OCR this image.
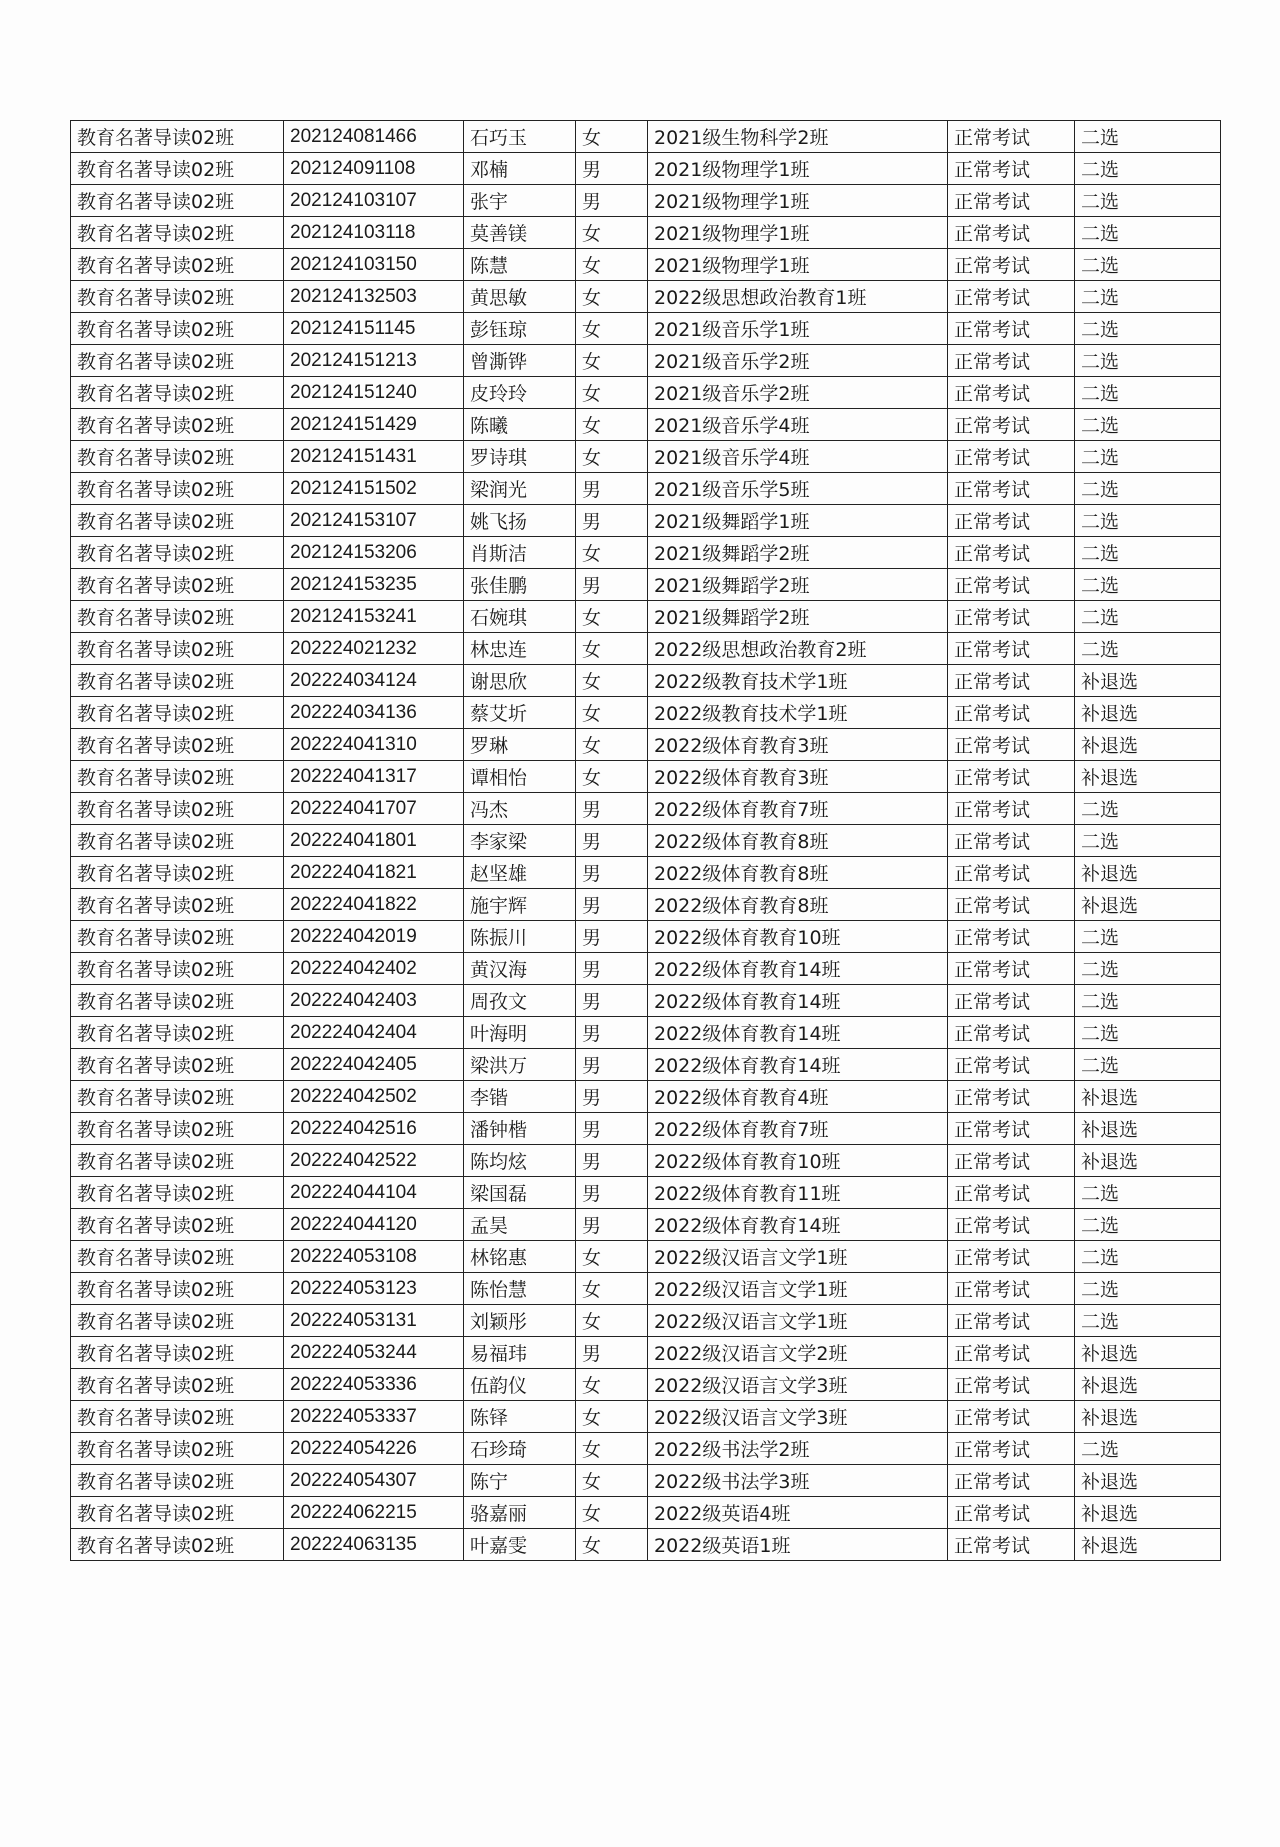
教育名著导读02班	202124081466	石巧玉	女	2021级生物科学2班	正常考试	二选
教育名著导读02班	202124091108	邓楠	男	2021级物理学1班	正常考试	二选
教育名著导读02班	202124103107	张宇	男	2021级物理学1班	正常考试	二选
教育名著导读02班	202124103118	莫善镁	女	2021级物理学1班	正常考试	二选
教育名著导读02班	202124103150	陈慧	女	2021级物理学1班	正常考试	二选
教育名著导读02班	202124132503	黄思敏	女	2022级思想政治教育1班	正常考试	二选
教育名著导读02班	202124151145	彭钰琼	女	2021级音乐学1班	正常考试	二选
教育名著导读02班	202124151213	曾澌铧	女	2021级音乐学2班	正常考试	二选
教育名著导读02班	202124151240	皮玲玲	女	2021级音乐学2班	正常考试	二选
教育名著导读02班	202124151429	陈曦	女	2021级音乐学4班	正常考试	二选
教育名著导读02班	202124151431	罗诗琪	女	2021级音乐学4班	正常考试	二选
教育名著导读02班	202124151502	梁润光	男	2021级音乐学5班	正常考试	二选
教育名著导读02班	202124153107	姚飞扬	男	2021级舞蹈学1班	正常考试	二选
教育名著导读02班	202124153206	肖斯洁	女	2021级舞蹈学2班	正常考试	二选
教育名著导读02班	202124153235	张佳鹏	男	2021级舞蹈学2班	正常考试	二选
教育名著导读02班	202124153241	石婉琪	女	2021级舞蹈学2班	正常考试	二选
教育名著导读02班	202224021232	林忠连	女	2022级思想政治教育2班	正常考试	二选
教育名著导读02班	202224034124	谢思欣	女	2022级教育技术学1班	正常考试	补退选
教育名著导读02班	202224034136	蔡艾圻	女	2022级教育技术学1班	正常考试	补退选
教育名著导读02班	202224041310	罗琳	女	2022级体育教育3班	正常考试	补退选
教育名著导读02班	202224041317	谭相怡	女	2022级体育教育3班	正常考试	补退选
教育名著导读02班	202224041707	冯杰	男	2022级体育教育7班	正常考试	二选
教育名著导读02班	202224041801	李家梁	男	2022级体育教育8班	正常考试	二选
教育名著导读02班	202224041821	赵坚雄	男	2022级体育教育8班	正常考试	补退选
教育名著导读02班	202224041822	施宇辉	男	2022级体育教育8班	正常考试	补退选
教育名著导读02班	202224042019	陈振川	男	2022级体育教育10班	正常考试	二选
教育名著导读02班	202224042402	黄汉海	男	2022级体育教育14班	正常考试	二选
教育名著导读02班	202224042403	周孜文	男	2022级体育教育14班	正常考试	二选
教育名著导读02班	202224042404	叶海明	男	2022级体育教育14班	正常考试	二选
教育名著导读02班	202224042405	梁洪万	男	2022级体育教育14班	正常考试	二选
教育名著导读02班	202224042502	李锴	男	2022级体育教育4班	正常考试	补退选
教育名著导读02班	202224042516	潘钟楷	男	2022级体育教育7班	正常考试	补退选
教育名著导读02班	202224042522	陈均炫	男	2022级体育教育10班	正常考试	补退选
教育名著导读02班	202224044104	梁国磊	男	2022级体育教育11班	正常考试	二选
教育名著导读02班	202224044120	孟昊	男	2022级体育教育14班	正常考试	二选
教育名著导读02班	202224053108	林铭惠	女	2022级汉语言文学1班	正常考试	二选
教育名著导读02班	202224053123	陈怡慧	女	2022级汉语言文学1班	正常考试	二选
教育名著导读02班	202224053131	刘颖彤	女	2022级汉语言文学1班	正常考试	二选
教育名著导读02班	202224053244	易福玮	男	2022级汉语言文学2班	正常考试	补退选
教育名著导读02班	202224053336	伍韵仪	女	2022级汉语言文学3班	正常考试	补退选
教育名著导读02班	202224053337	陈铎	女	2022级汉语言文学3班	正常考试	补退选
教育名著导读02班	202224054226	石珍琦	女	2022级书法学2班	正常考试	二选
教育名著导读02班	202224054307	陈宁	女	2022级书法学3班	正常考试	补退选
教育名著导读02班	202224062215	骆嘉丽	女	2022级英语4班	正常考试	补退选
教育名著导读02班	202224063135	叶嘉雯	女	2022级英语1班	正常考试	补退选
